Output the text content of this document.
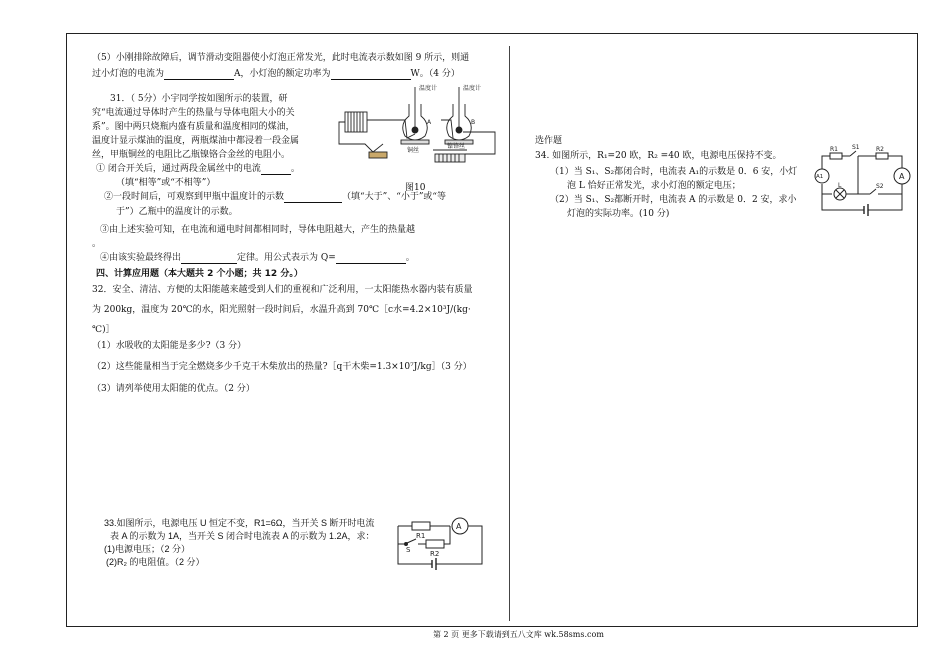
（5）小刚排除故障后，调节滑动变阻器使小灯泡正常发光，此时电流表示数如图 9 所示，则通
过小灯泡的电流为	A，小灯泡的额定功率为	W。（4 分）
31．（ 5分）小宇同学按如图所示的装置，研
究“电流通过导体时产生的热量与导体电阻大小的关
系”。图中两只烧瓶内盛有质量和温度相同的煤油，
温度计显示煤油的温度，两瓶煤油中都浸着一段金属
丝，甲瓶铜丝的电阻比乙瓶镍铬合金丝的电阻小。
① 闭合开关后，通过两段金属丝中的电流	。
（填“相等”或“不相等”）
②一段时间后，可观察到甲瓶中温度计的示数	（填“大于”、“小于”或“等
于”）乙瓶中的温度计的示数。
③由上述实验可知，在电流和通电时间都相同时，导体电阻越大，产生的热量越
。
④由该实验最终得出	定律。用公式表示为 Q=	。
温度计	温度计
A	B
铜丝
镍铬丝
图10
四、计算应用题（本大题共 2 个小题；共 12 分。）
32．安全、清洁、方便的太阳能越来越受到人们的重视和广泛利用，一太阳能热水器内装有质量
为 200kg，温度为 20℃的水，阳光照射一段时间后，水温升高到 70℃［c水=4.2×10³J/(kg·
℃)］
（1）水吸收的太阳能是多少?（3 分）
（2）这些能量相当于完全燃烧多少千克干木柴放出的热量?［q干木柴=1.3×10⁷J/kg］（3 分）
（3）请列举使用太阳能的优点。（2 分）
33.如图所示，电源电压 U 恒定不变，R1=6Ω，当开关 S 断开时电流
表 A 的示数为 1A，当开关 S 闭合时电流表 A 的示数为 1.2A，求：
(1)电源电压；（2 分）
(2)R₂ 的电阻值。（2 分）
A
R1
R2
S
选作题
34. 如图所示，R₁=20 欧，R₂ =40 欧，电源电压保持不变。
（1）当 S₁、S₂都闭合时，电流表 A₁的示数是 0．6 安，小灯
泡 L 恰好正常发光，求小灯泡的额定电压；
（2）当 S₁、S₂都断开时，电流表 A 的示数是 0．2 安，求小
灯泡的实际功率。(10 分)
R1 S1	R2
A1	A
L	S2
第 2 页 更多下载请到五八文库 wk.58sms.com
